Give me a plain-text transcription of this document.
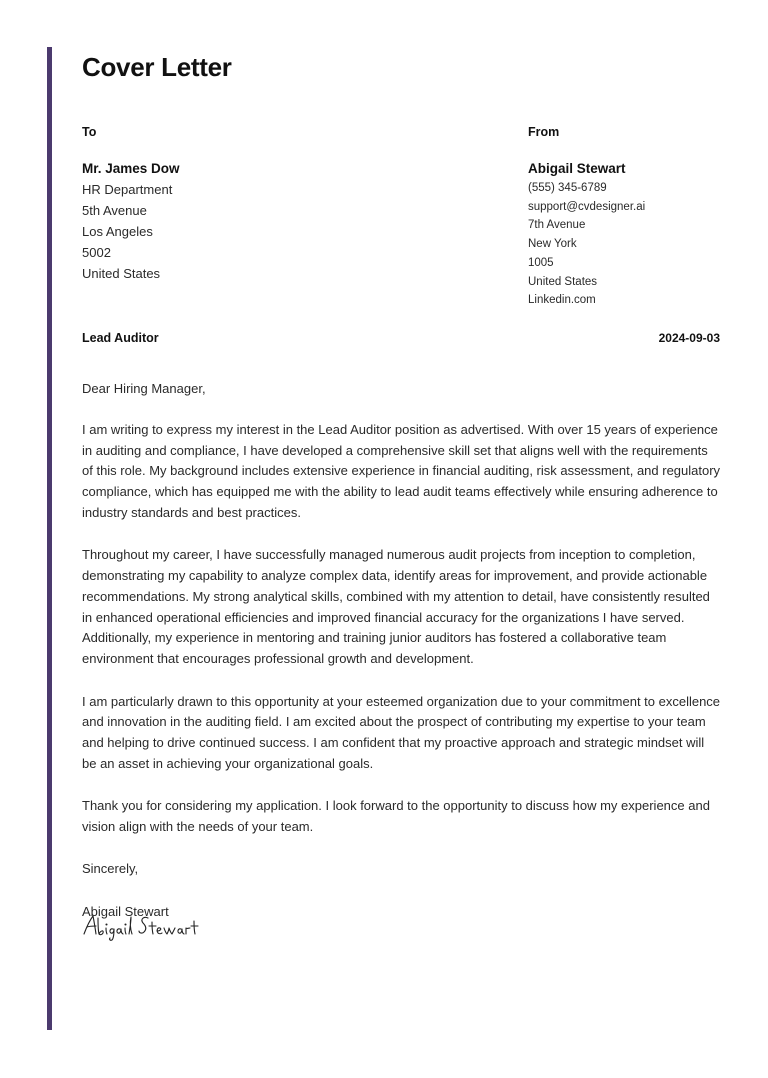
Cover Letter
To	From
Mr. James Dow
HR Department
5th Avenue
Los Angeles
5002
United States
Abigail Stewart
(555) 345-6789
support@cvdesigner.ai
7th Avenue
New York
1005
United States
Linkedin.com
Lead Auditor	2024-09-03

Dear Hiring Manager,

I am writing to express my interest in the Lead Auditor position as advertised. With over 15 years of experience in auditing and compliance, I have developed a comprehensive skill set that aligns well with the requirements of this role. My background includes extensive experience in financial auditing, risk assessment, and regulatory compliance, which has equipped me with the ability to lead audit teams effectively while ensuring adherence to industry standards and best practices.

Throughout my career, I have successfully managed numerous audit projects from inception to completion, demonstrating my capability to analyze complex data, identify areas for improvement, and provide actionable recommendations. My strong analytical skills, combined with my attention to detail, have consistently resulted in enhanced operational efficiencies and improved financial accuracy for the organizations I have served. Additionally, my experience in mentoring and training junior auditors has fostered a collaborative team environment that encourages professional growth and development.

I am particularly drawn to this opportunity at your esteemed organization due to your commitment to excellence and innovation in the auditing field. I am excited about the prospect of contributing my expertise to your team and helping to drive continued success. I am confident that my proactive approach and strategic mindset will be an asset in achieving your organizational goals.

Thank you for considering my application. I look forward to the opportunity to discuss how my experience and vision align with the needs of your team.

Sincerely,

Abigail Stewart
